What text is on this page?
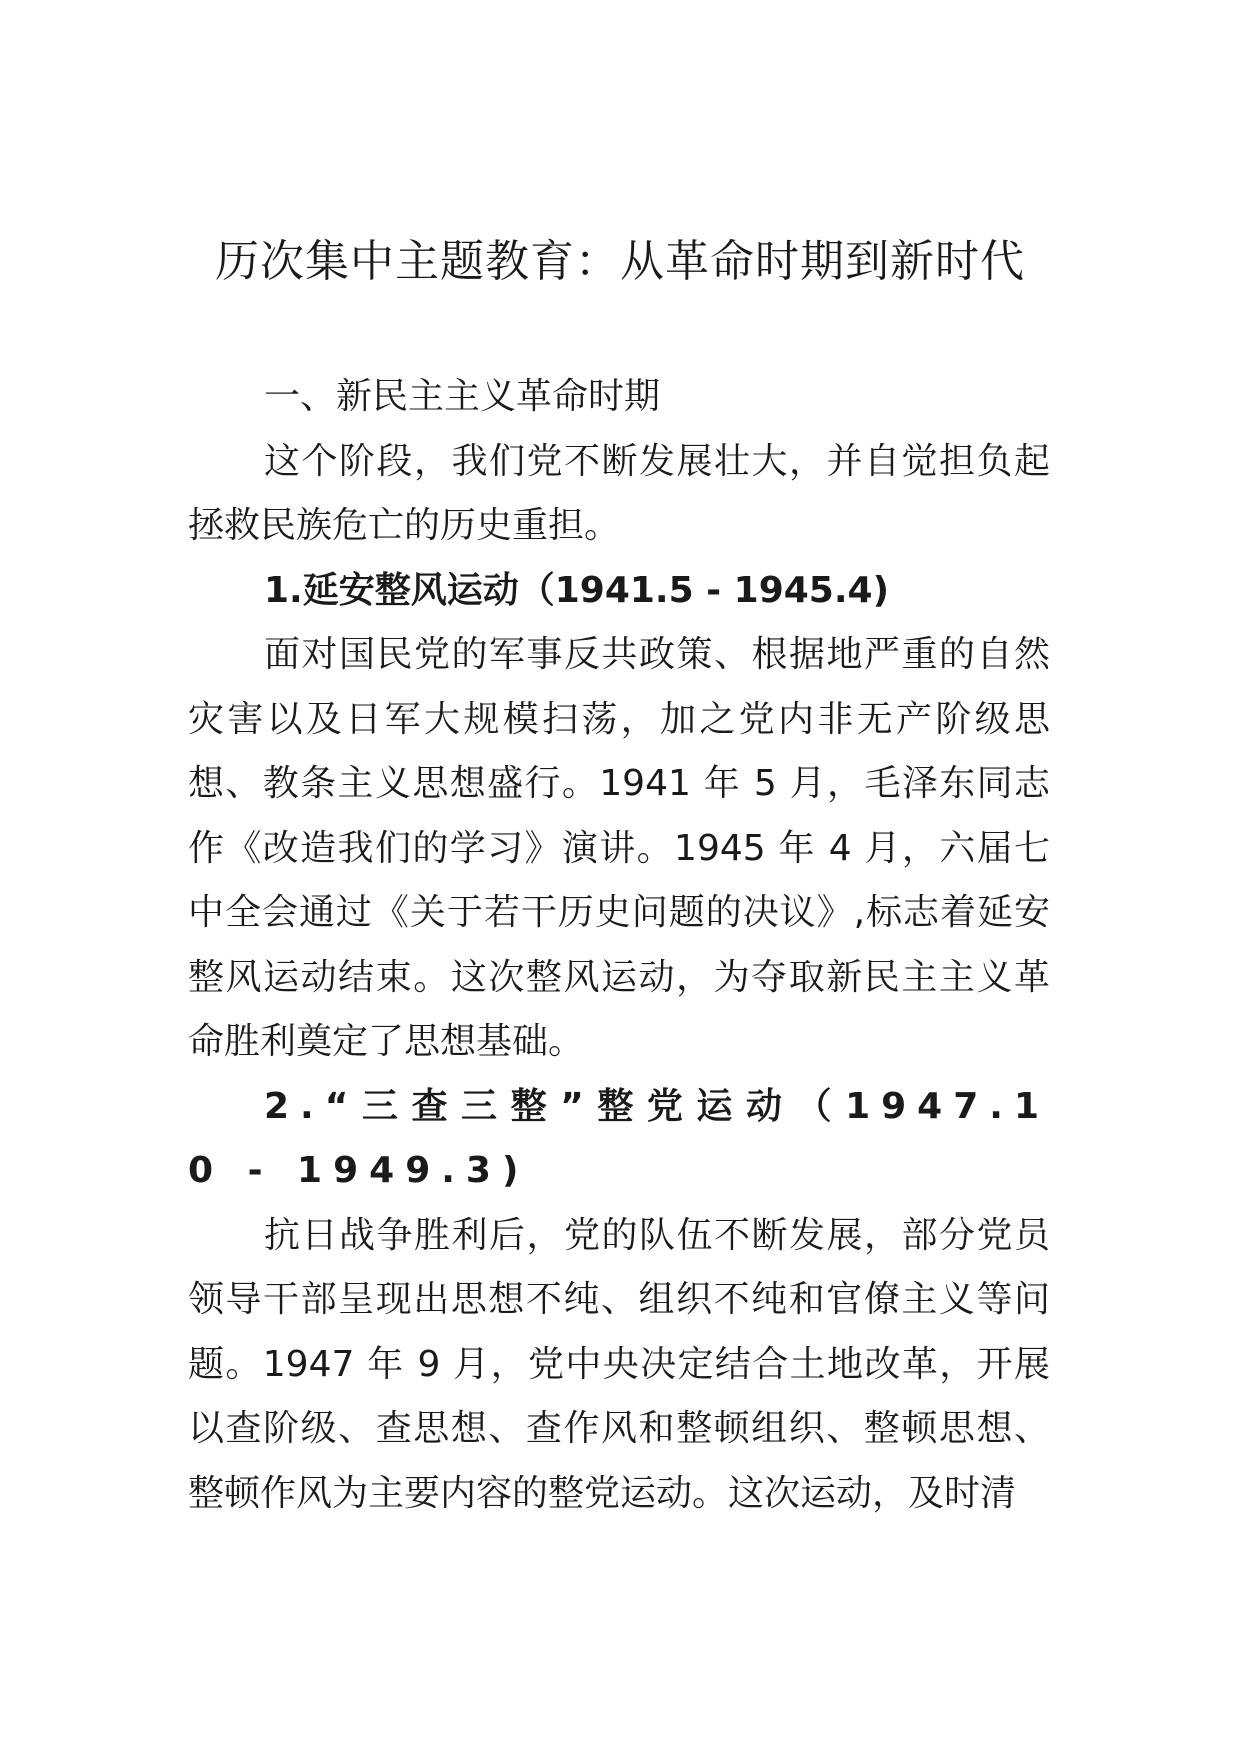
历次集中主题教育：从革命时期到新时代

一、新民主主义革命时期

这个阶段，我们党不断发展壮大，并自觉担负起拯救民族危亡的历史重担。

1.延安整风运动（1941.5 - 1945.4)

面对国民党的军事反共政策、根据地严重的自然灾害以及日军大规模扫荡，加之党内非无产阶级思想、教条主义思想盛行。1941 年 5 月，毛泽东同志作《改造我们的学习》演讲。1945 年 4 月，六届七中全会通过《关于若干历史问题的决议》,标志着延安整风运动结束。这次整风运动，为夺取新民主主义革命胜利奠定了思想基础。

2.“三查三整”整党运动（1947.10 - 1949.3)

抗日战争胜利后，党的队伍不断发展，部分党员领导干部呈现出思想不纯、组织不纯和官僚主义等问题。1947 年 9 月，党中央决定结合土地改革，开展以查阶级、查思想、查作风和整顿组织、整顿思想、整顿作风为主要内容的整党运动。这次运动，及时清
